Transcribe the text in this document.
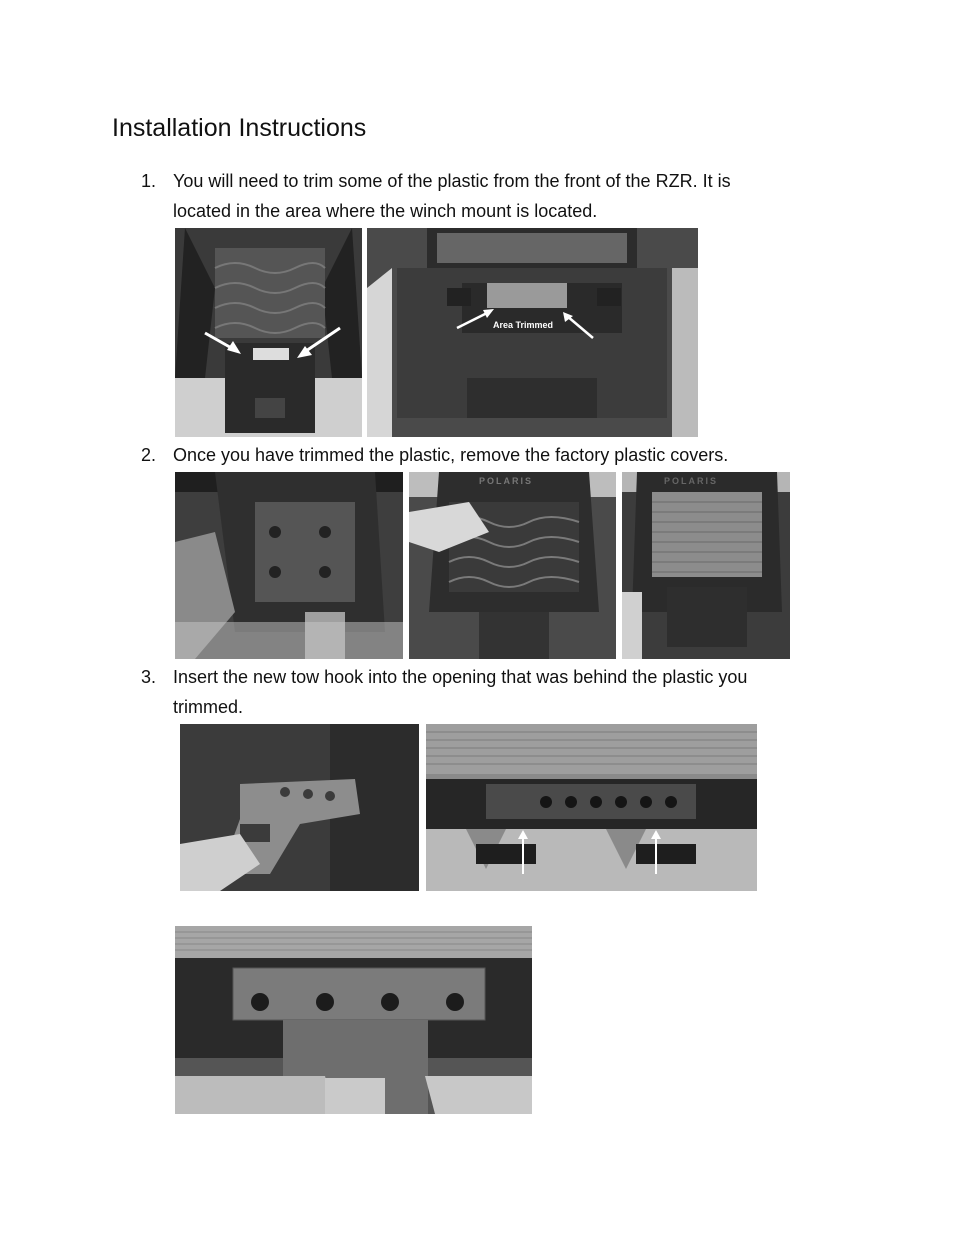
Installation Instructions
1. You will need to trim some of the plastic from the front of the RZR. It is
located in the area where the winch mount is located.
Area Trimmed
2. Once you have trimmed the plastic, remove the factory plastic covers.
POLARIS	POLARIS
3. Insert the new tow hook into the opening that was behind the plastic you
trimmed.
